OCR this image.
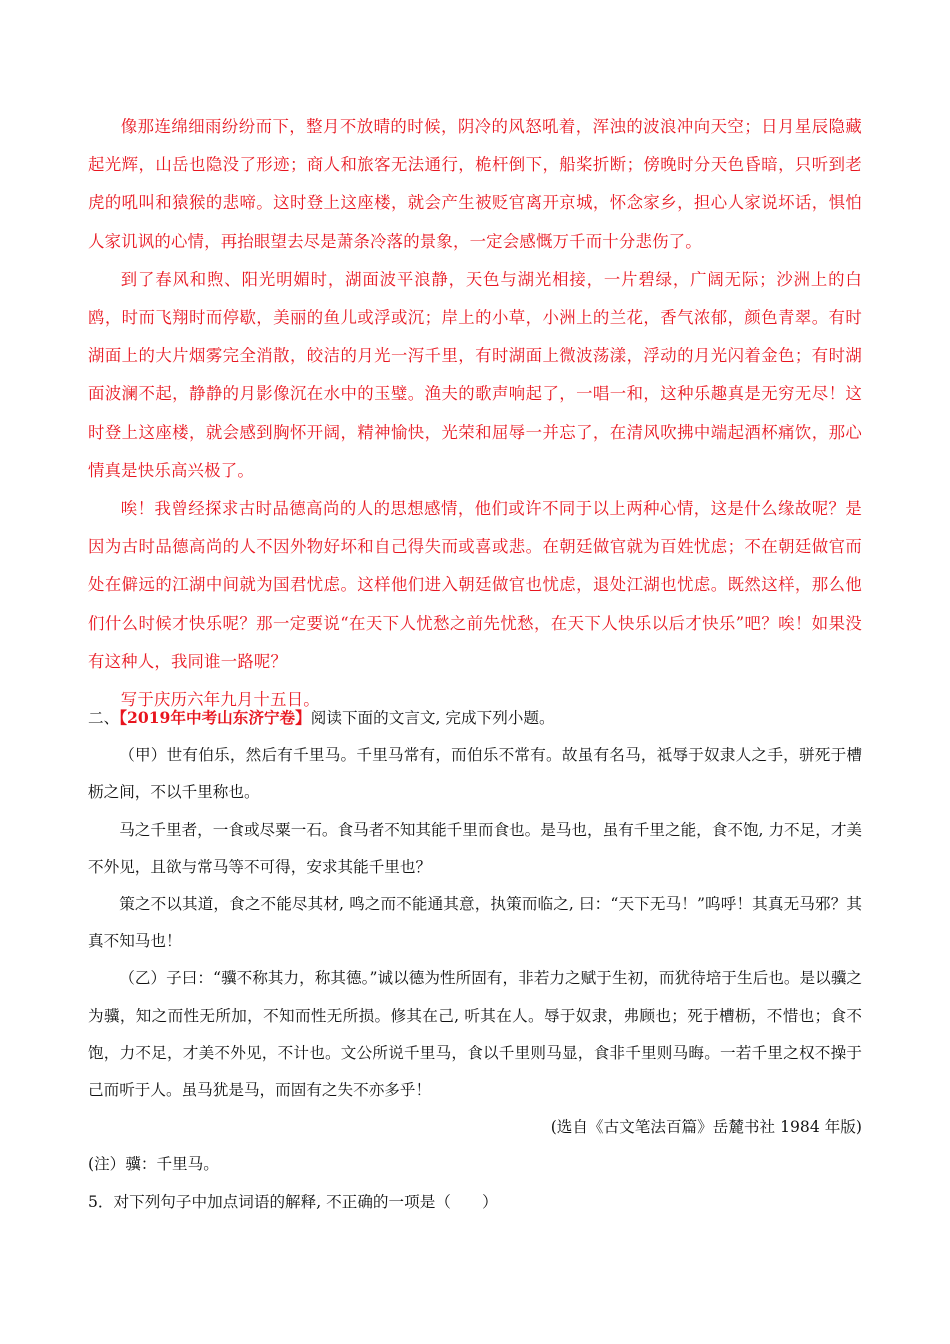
像那连绵细雨纷纷而下，整月不放晴的时候，阴冷的风怒吼着，浑浊的波浪冲向天空；日月星辰隐藏起光辉，山岳也隐没了形迹；商人和旅客无法通行，桅杆倒下，船桨折断；傍晚时分天色昏暗，只听到老虎的吼叫和猿猴的悲啼。这时登上这座楼，就会产生被贬官离开京城，怀念家乡，担心人家说坏话，惧怕人家讥讽的心情，再抬眼望去尽是萧条冷落的景象，一定会感慨万千而十分悲伤了。

到了春风和煦、阳光明媚时，湖面波平浪静，天色与湖光相接，一片碧绿，广阔无际；沙洲上的白鸥，时而飞翔时而停歇，美丽的鱼儿或浮或沉；岸上的小草，小洲上的兰花，香气浓郁，颜色青翠。有时湖面上的大片烟雾完全消散，皎洁的月光一泻千里，有时湖面上微波荡漾，浮动的月光闪着金色；有时湖面波澜不起，静静的月影像沉在水中的玉璧。渔夫的歌声响起了，一唱一和，这种乐趣真是无穷无尽！这时登上这座楼，就会感到胸怀开阔，精神愉快，光荣和屈辱一并忘了，在清风吹拂中端起酒杯痛饮，那心情真是快乐高兴极了。

唉！我曾经探求古时品德高尚的人的思想感情，他们或许不同于以上两种心情，这是什么缘故呢？是因为古时品德高尚的人不因外物好坏和自己得失而或喜或悲。在朝廷做官就为百姓忧虑；不在朝廷做官而处在僻远的江湖中间就为国君忧虑。这样他们进入朝廷做官也忧虑，退处江湖也忧虑。既然这样，那么他们什么时候才快乐呢？那一定要说“在天下人忧愁之前先忧愁，在天下人快乐以后才快乐”吧？唉！如果没有这种人，我同谁一路呢？

写于庆历六年九月十五日。

二、【2019年中考山东济宁卷】阅读下面的文言文, 完成下列小题。

（甲）世有伯乐，然后有千里马。千里马常有，而伯乐不常有。故虽有名马，祗辱于奴隶人之手，骈死于槽枥之间，不以千里称也。

马之千里者，一食或尽粟一石。食马者不知其能千里而食也。是马也，虽有千里之能，食不饱, 力不足，才美不外见，且欲与常马等不可得，安求其能千里也？

策之不以其道，食之不能尽其材, 鸣之而不能通其意，执策而临之, 曰：“天下无马！”呜呼！其真无马邪？其真不知马也！

（乙）子曰：“骥不称其力，称其德。”诚以德为性所固有，非若力之赋于生初，而犹待培于生后也。是以骥之为骥，知之而性无所加，不知而性无所损。修其在己, 听其在人。辱于奴隶，弗顾也；死于槽枥，不惜也；食不饱，力不足，才美不外见，不计也。文公所说千里马，食以千里则马显，食非千里则马晦。一若千里之权不操于己而听于人。虽马犹是马，而固有之失不亦多乎！

(选自《古文笔法百篇》岳麓书社 1984 年版)

(注）骥：千里马。

5．对下列句子中加点词语的解释, 不正确的一项是（　　）
